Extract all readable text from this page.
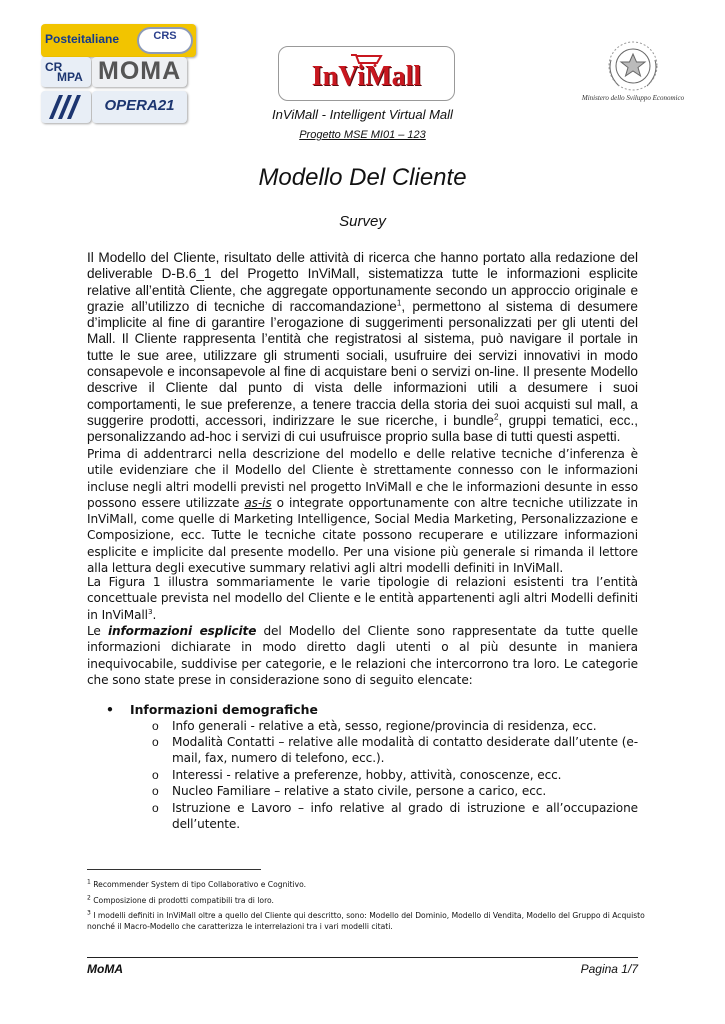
Posteitaliane	CRS
CR
MPA MOMA
OPERA21
InViMall
Ministero dello Sviluppo Economico
InViMall - Intelligent Virtual Mall
Progetto MSE MI01 – 123
Modello Del Cliente
Survey

Il Modello del Cliente, risultato delle attività di ricerca che hanno portato alla redazione del deliverable D-B.6_1 del Progetto InViMall, sistematizza tutte le informazioni esplicite relative all’entità Cliente, che aggregate opportunamente secondo un approccio originale e grazie all’utilizzo di tecniche di raccomandazione$^1$, permettono al sistema di desumere d’implicite al fine di garantire l’erogazione di suggerimenti personalizzati per gli utenti del Mall. Il Cliente rappresenta l’entità che registratosi al sistema, può navigare il portale in tutte le sue aree, utilizzare gli strumenti sociali, usufruire dei servizi innovativi in modo consapevole e inconsapevole al fine di acquistare beni o servizi on-line. Il presente Modello descrive il Cliente dal punto di vista delle informazioni utili a desumere i suoi comportamenti, le sue preferenze, a tenere traccia della storia dei suoi acquisti sul mall, a suggerire prodotti, accessori, indirizzare le sue ricerche, i bundle$^2$, gruppi tematici, ecc., personalizzando ad-hoc i servizi di cui usufruisce proprio sulla base di tutti questi aspetti.

Prima di addentrarci nella descrizione del modello e delle relative tecniche d’inferenza è utile evidenziare che il Modello del Cliente è strettamente connesso con le informazioni incluse negli altri modelli previsti nel progetto InViMall e che le informazioni desunte in esso possono essere utilizzate as-is o integrate opportunamente con altre tecniche utilizzate in InViMall, come quelle di Marketing Intelligence, Social Media Marketing, Personalizzazione e Composizione, ecc. Tutte le tecniche citate possono recuperare e utilizzare informazioni esplicite e implicite dal presente modello. Per una visione più generale si rimanda il lettore alla lettura degli executive summary relativi agli altri modelli definiti in InViMall.

La Figura 1 illustra sommariamente le varie tipologie di relazioni esistenti tra l’entità concettuale prevista nel modello del Cliente e le entità appartenenti agli altri Modelli definiti in InViMall$^3$.

Le informazioni esplicite del Modello del Cliente sono rappresentate da tutte quelle informazioni dichiarate in modo diretto dagli utenti o al più desunte in maniera inequivocabile, suddivise per categorie, e le relazioni che intercorrono tra loro. Le categorie che sono state prese in considerazione sono di seguito elencate:

• Informazioni demografiche
o Info generali - relative a età, sesso, regione/provincia di residenza, ecc.
o Modalità Contatti – relative alle modalità di contatto desiderate dall’utente (e-mail, fax, numero di telefono, ecc.).
o Interessi - relative a preferenze, hobby, attività, conoscenze, ecc.
o Nucleo Familiare – relative a stato civile, persone a carico, ecc.
o Istruzione e Lavoro – info relative al grado di istruzione e all’occupazione dell’utente.
$^1$ Recommender System di tipo Collaborativo e Cognitivo.
$^2$ Composizione di prodotti compatibili tra di loro.
$^3$ I modelli definiti in InViMall oltre a quello del Cliente qui descritto, sono: Modello del Dominio, Modello di Vendita, Modello del Gruppo di Acquisto nonché il Macro-Modello che caratterizza le interrelazioni tra i vari modelli citati.
MoMA	Pagina 1/7
